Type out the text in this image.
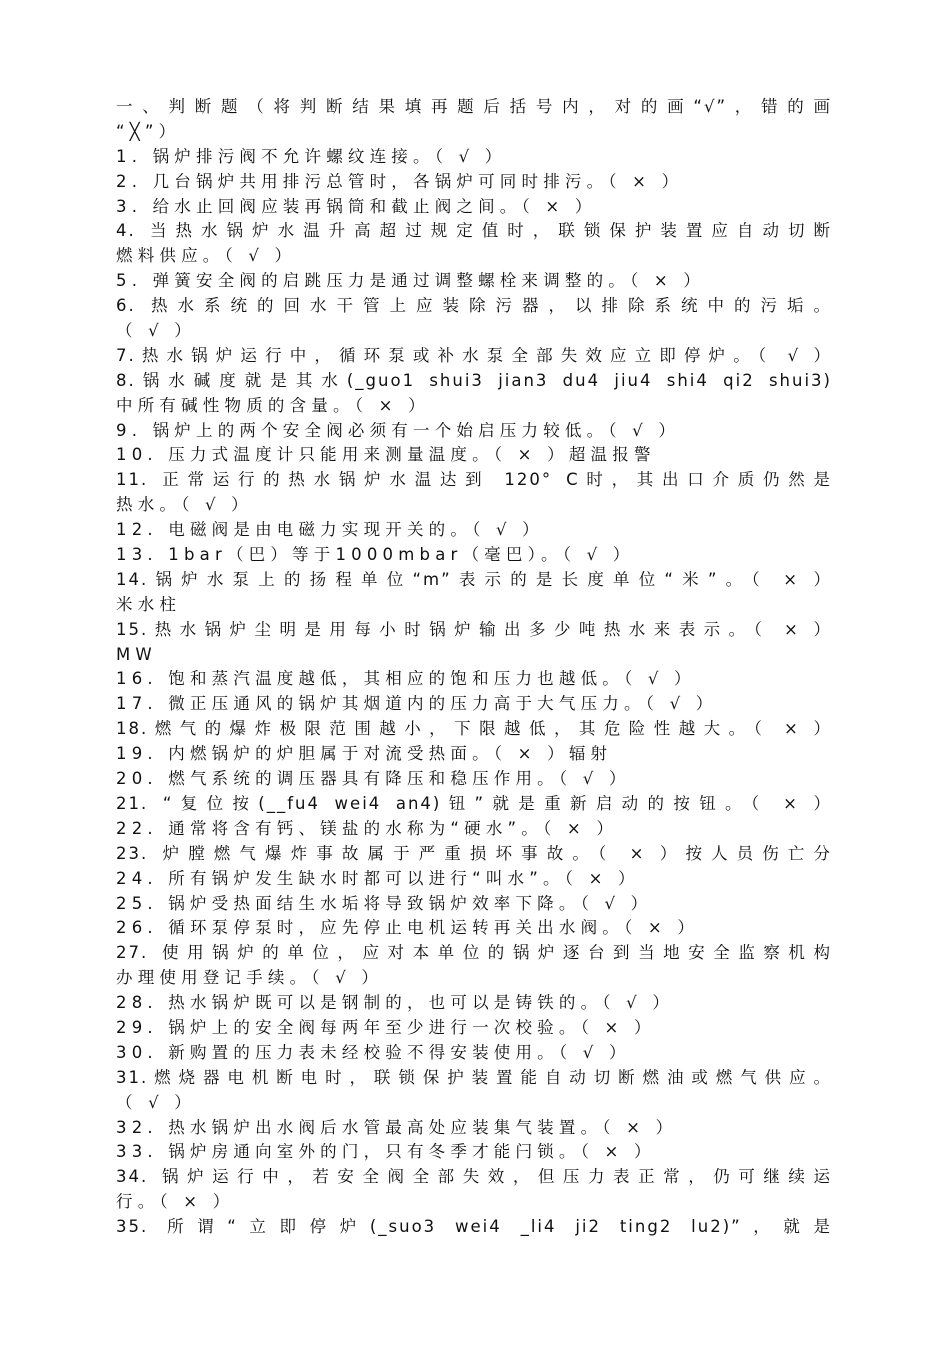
一、判断题（将判断结果填再题后括号内，对的画“√”，错的画
“╳”）
1. 锅炉排污阀不允许螺纹连接。（ √ ）
2. 几台锅炉共用排污总管时，各锅炉可同时排污。（ × ）
3. 给水止回阀应装再锅筒和截止阀之间。（ × ）
4. 当热水锅炉水温升高超过规定值时，联锁保护装置应自动切断
燃料供应。（ √ ）
5. 弹簧安全阀的启跳压力是通过调整螺栓来调整的。（ × ）
6. 热水系统的回水干管上应装除污器，以排除系统中的污垢。
（ √ ）
7.热水锅炉运行中，循环泵或补水泵全部失效应立即停炉。（ √ ）
8.锅水碱度就是其水(_guo1 shui3 jian3 du4 jiu4 shi4 qi2 shui3)
中所有碱性物质的含量。（ × ）
9. 锅炉上的两个安全阀必须有一个始启压力较低。（ √ ）
10. 压力式温度计只能用来测量温度。（ × ）超温报警
11. 正常运行的热水锅炉水温达到 120° C时，其出口介质仍然是
热水。（ √ ）
12. 电磁阀是由电磁力实现开关的。（ √ ）
13. 1bar（巴）等于1000mbar（毫巴）。（ √ ）
14.锅炉水泵上的扬程单位“m”表示的是长度单位“米”。（ × ）
米水柱
15.热水锅炉尘明是用每小时锅炉输出多少吨热水来表示。（ × ）
MW
16. 饱和蒸汽温度越低，其相应的饱和压力也越低。（ √ ）
17. 微正压通风的锅炉其烟道内的压力高于大气压力。（ √ ）
18.燃气的爆炸极限范围越小，下限越低，其危险性越大。（ × ）
19. 内燃锅炉的炉胆属于对流受热面。（ × ）辐射
20. 燃气系统的调压器具有降压和稳压作用。（ √ ）
21. “复位按(__fu4 wei4 an4)钮”就是重新启动的按钮。（ × ）
22. 通常将含有钙、镁盐的水称为“硬水”。（ × ）
23. 炉膛燃气爆炸事故属于严重损坏事故。（ × ）按人员伤亡分
24. 所有锅炉发生缺水时都可以进行“叫水”。（ × ）
25. 锅炉受热面结生水垢将导致锅炉效率下降。（ √ ）
26. 循环泵停泵时，应先停止电机运转再关出水阀。（ × ）
27. 使用锅炉的单位，应对本单位的锅炉逐台到当地安全监察机构
办理使用登记手续。（ √ ）
28. 热水锅炉既可以是钢制的，也可以是铸铁的。（ √ ）
29. 锅炉上的安全阀每两年至少进行一次校验。（ × ）
30. 新购置的压力表未经校验不得安装使用。（ √ ）
31.燃烧器电机断电时，联锁保护装置能自动切断燃油或燃气供应。
（ √ ）
32. 热水锅炉出水阀后水管最高处应装集气装置。（ × ）
33. 锅炉房通向室外的门，只有冬季才能闩锁。（ × ）
34. 锅炉运行中，若安全阀全部失效，但压力表正常，仍可继续运
行。（ × ）
35. 所谓“立即停炉(_suo3 wei4 _li4 ji2 ting2 lu2)”，就是
